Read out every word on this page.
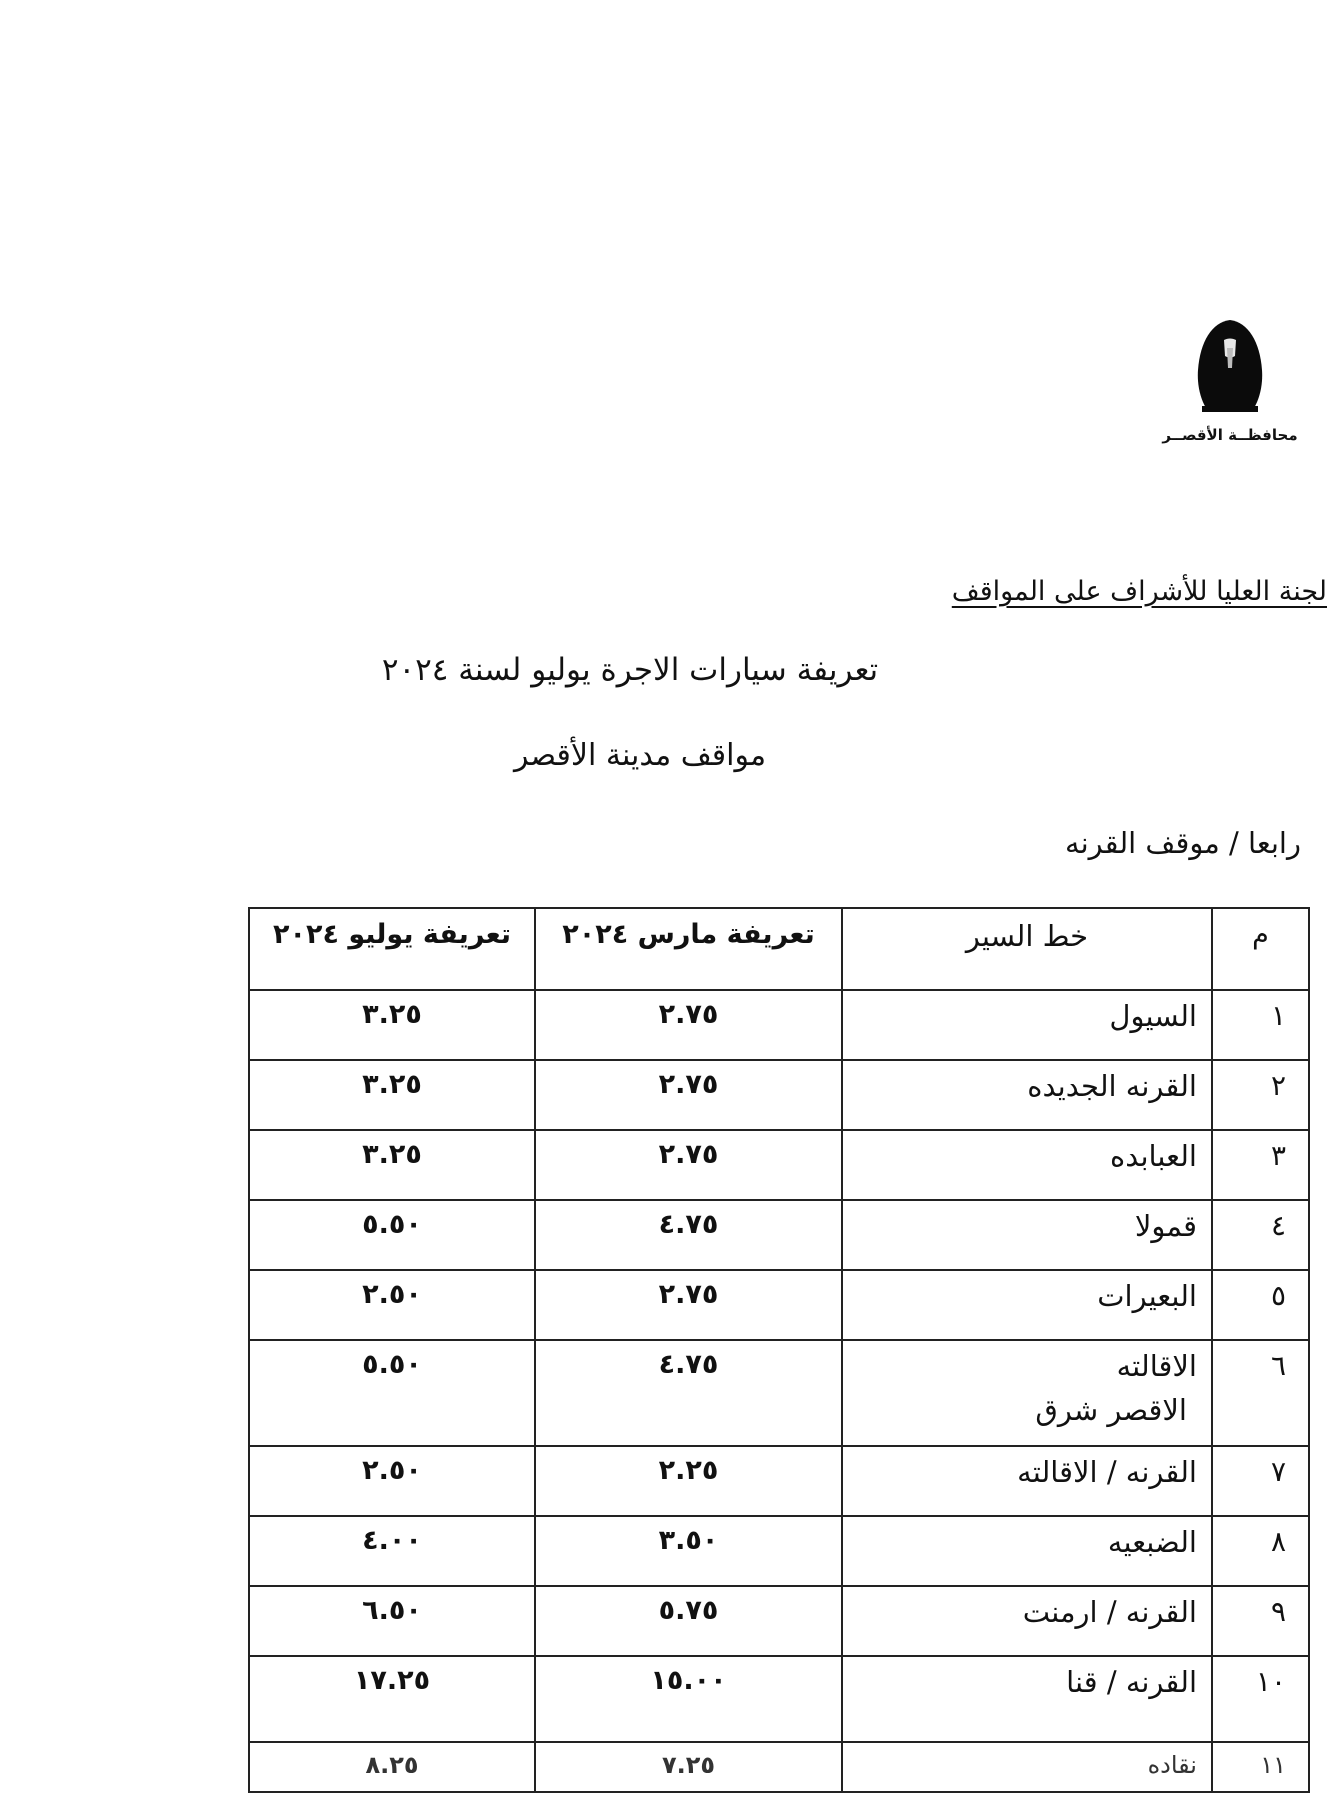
محافظــة الأقصــر
لجنة العليا للأشراف على المواقف
تعريفة سيارات الاجرة يوليو لسنة ٢٠٢٤
مواقف مدينة الأقصر
رابعا / موقف القرنه
م	خط السير	تعريفة مارس ٢٠٢٤	تعريفة يوليو ٢٠٢٤
١	السيول	٢.٧٥	٣.٢٥
٢	القرنه الجديده	٢.٧٥	٣.٢٥
٣	العبابده	٢.٧٥	٣.٢٥
٤	قمولا	٤.٧٥	٥.٥٠
٥	البعيرات	٢.٧٥	٢.٥٠
٦	الاقالته
الاقصر شرق	٤.٧٥	٥.٥٠
٧	القرنه / الاقالته	٢.٢٥	٢.٥٠
٨	الضبعيه	٣.٥٠	٤.٠٠
٩	القرنه / ارمنت	٥.٧٥	٦.٥٠
١٠	القرنه / قنا	١٥.٠٠	١٧.٢٥
١١	نقاده	٧.٢٥	٨.٢٥
